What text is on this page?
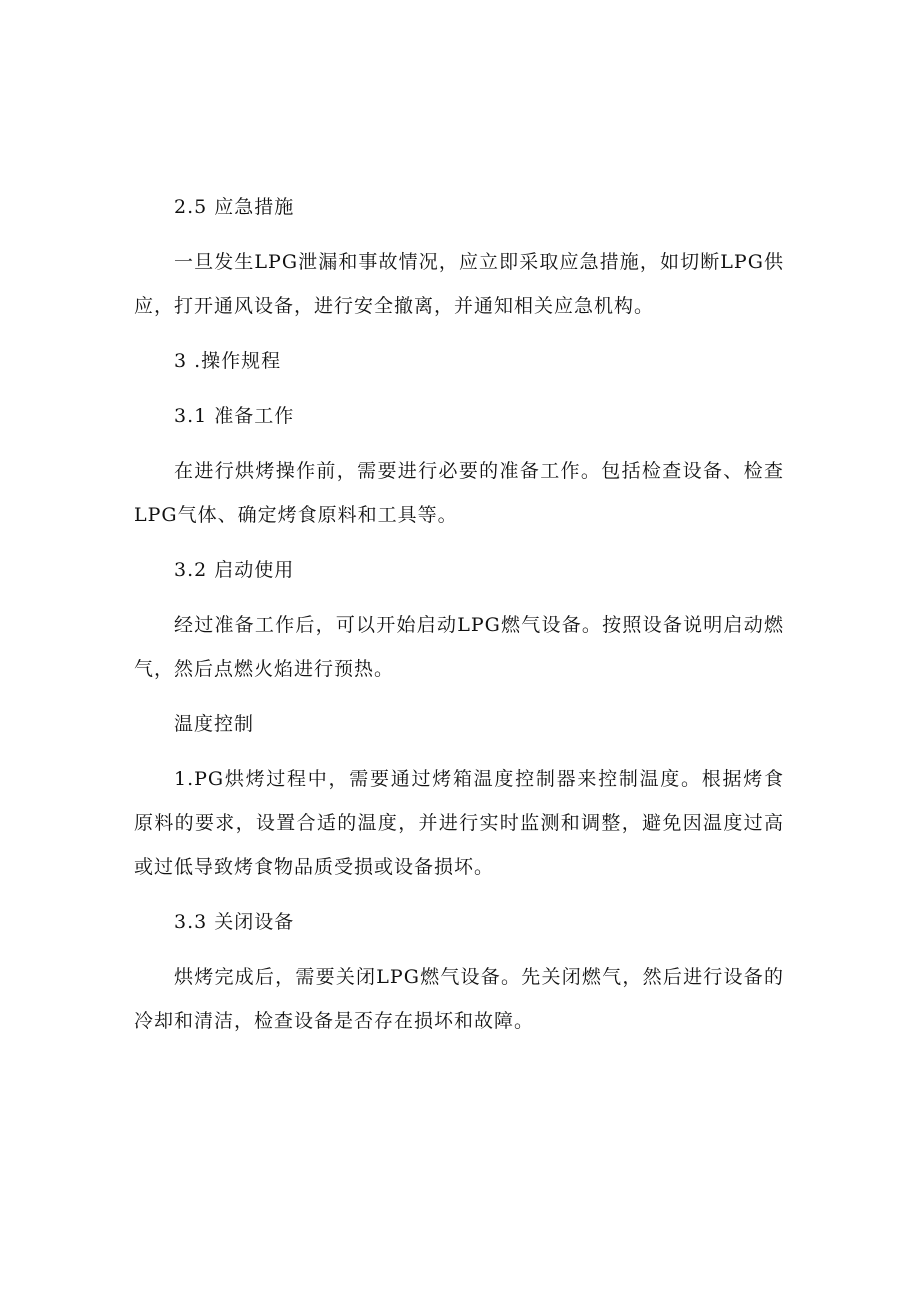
2.5 应急措施

一旦发生LPG泄漏和事故情况，应立即采取应急措施，如切断LPG供应，打开通风设备，进行安全撤离，并通知相关应急机构。

3 .操作规程

3.1 准备工作

在进行烘烤操作前，需要进行必要的准备工作。包括检查设备、检查LPG气体、确定烤食原料和工具等。

3.2 启动使用

经过准备工作后，可以开始启动LPG燃气设备。按照设备说明启动燃气，然后点燃火焰进行预热。

温度控制

1.PG烘烤过程中，需要通过烤箱温度控制器来控制温度。根据烤食原料的要求，设置合适的温度，并进行实时监测和调整，避免因温度过高或过低导致烤食物品质受损或设备损坏。

3.3 关闭设备

烘烤完成后，需要关闭LPG燃气设备。先关闭燃气，然后进行设备的冷却和清洁，检查设备是否存在损坏和故障。
